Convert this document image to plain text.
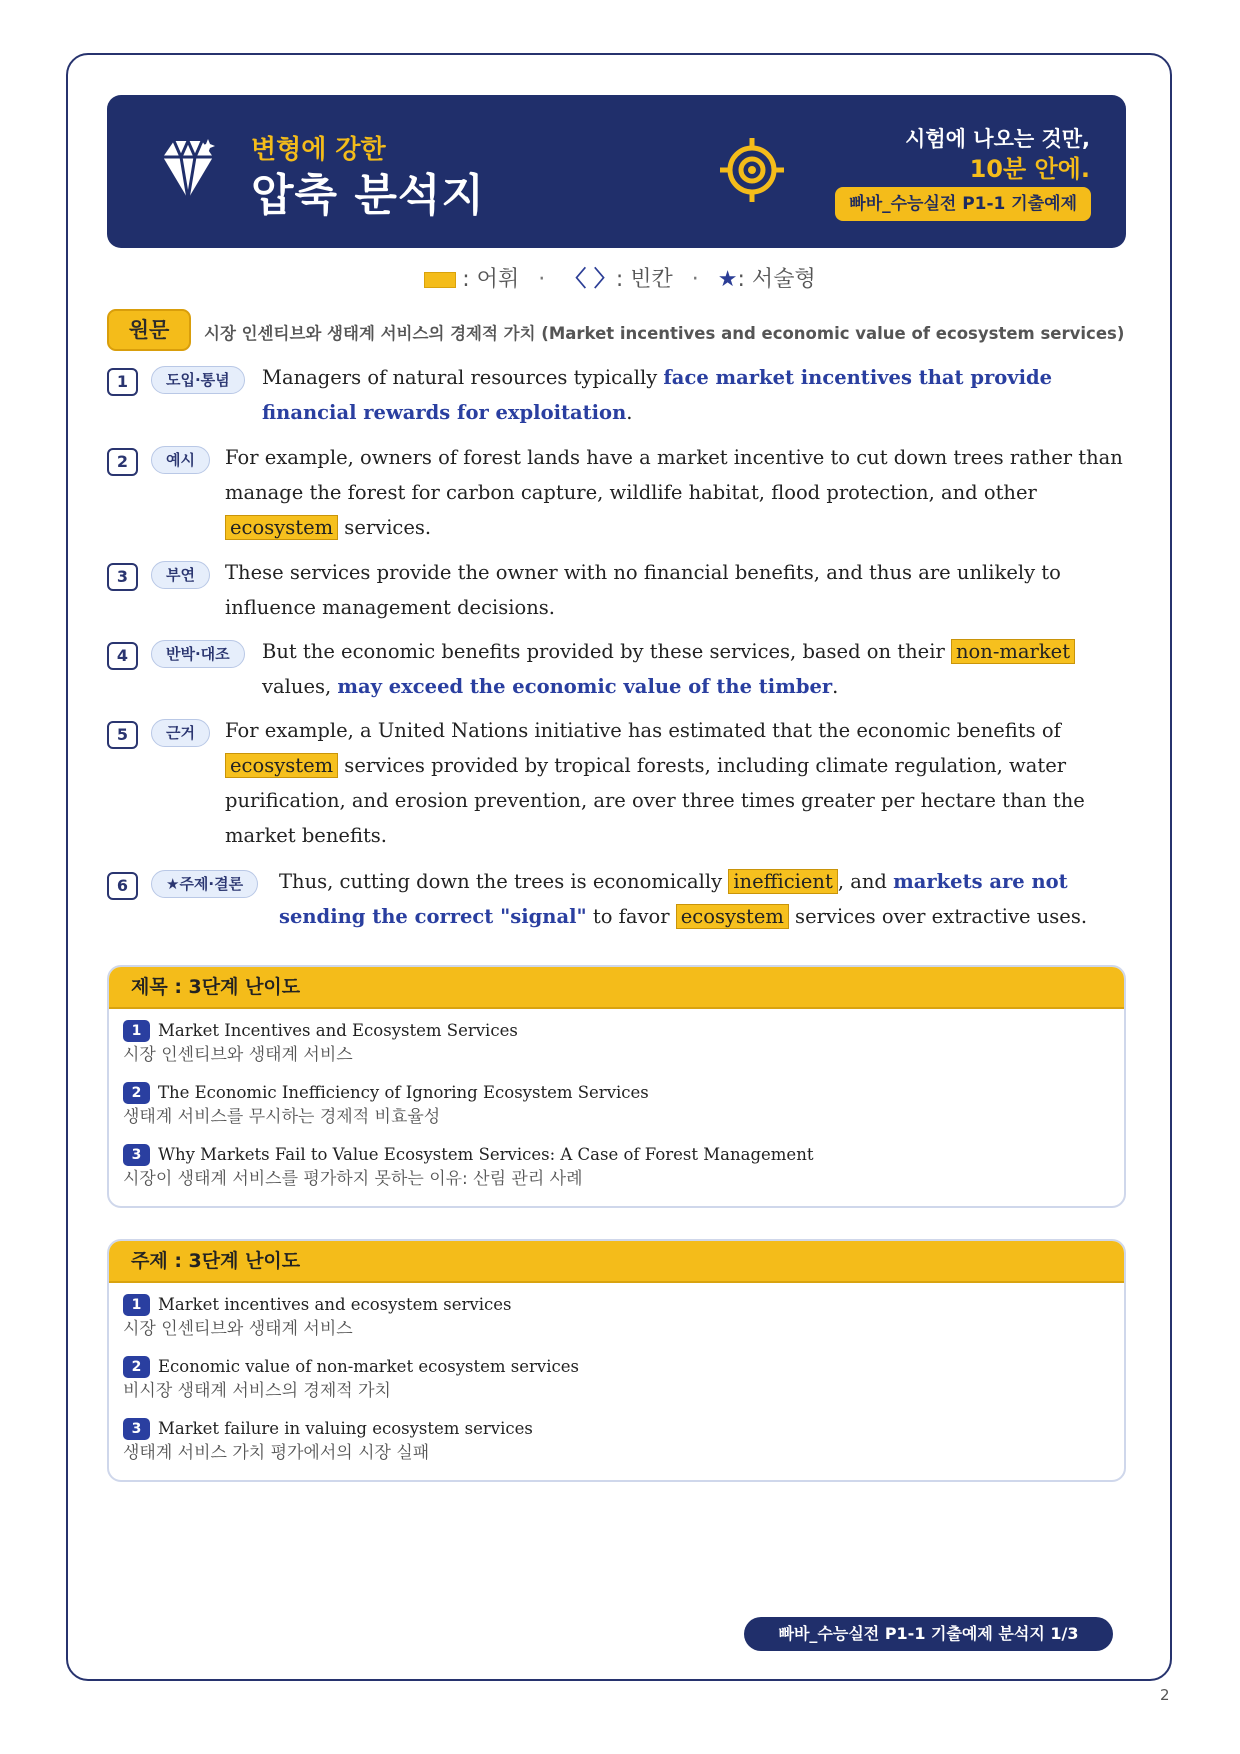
변형에 강한
압축 분석지
시험에 나오는 것만,
10분 안에.
빠바_수능실전 P1-1 기출예제
: 어휘 · 〈 〉: 빈칸 · ★: 서술형
원문	시장 인센티브와 생태계 서비스의 경제적 가치 (Market incentives and economic value of ecosystem services)
1	도입·통념	Managers of natural resources typically face market incentives that provide financial rewards for exploitation.
2	예시	For example, owners of forest lands have a market incentive to cut down trees rather than manage the forest for carbon capture, wildlife habitat, flood protection, and other ecosystem services.
3	부연	These services provide the owner with no financial benefits, and thus are unlikely to influence management decisions.
4	반박·대조	But the economic benefits provided by these services, based on their non-market values, may exceed the economic value of the timber.
5	근거	For example, a United Nations initiative has estimated that the economic benefits of ecosystem services provided by tropical forests, including climate regulation, water purification, and erosion prevention, are over three times greater per hectare than the market benefits.
6	★주제·결론	Thus, cutting down the trees is economically inefficient , and markets are not sending the correct "signal" to favor ecosystem services over extractive uses.
제목 : 3단계 난이도
1 Market Incentives and Ecosystem Services
시장 인센티브와 생태계 서비스
2 The Economic Inefficiency of Ignoring Ecosystem Services
생태계 서비스를 무시하는 경제적 비효율성
3 Why Markets Fail to Value Ecosystem Services: A Case of Forest Management
시장이 생태계 서비스를 평가하지 못하는 이유: 산림 관리 사례
주제 : 3단계 난이도
1 Market incentives and ecosystem services
시장 인센티브와 생태계 서비스
2 Economic value of non-market ecosystem services
비시장 생태계 서비스의 경제적 가치
3 Market failure in valuing ecosystem services
생태계 서비스 가치 평가에서의 시장 실패
빠바_수능실전 P1-1 기출예제 분석지 1/3
2
